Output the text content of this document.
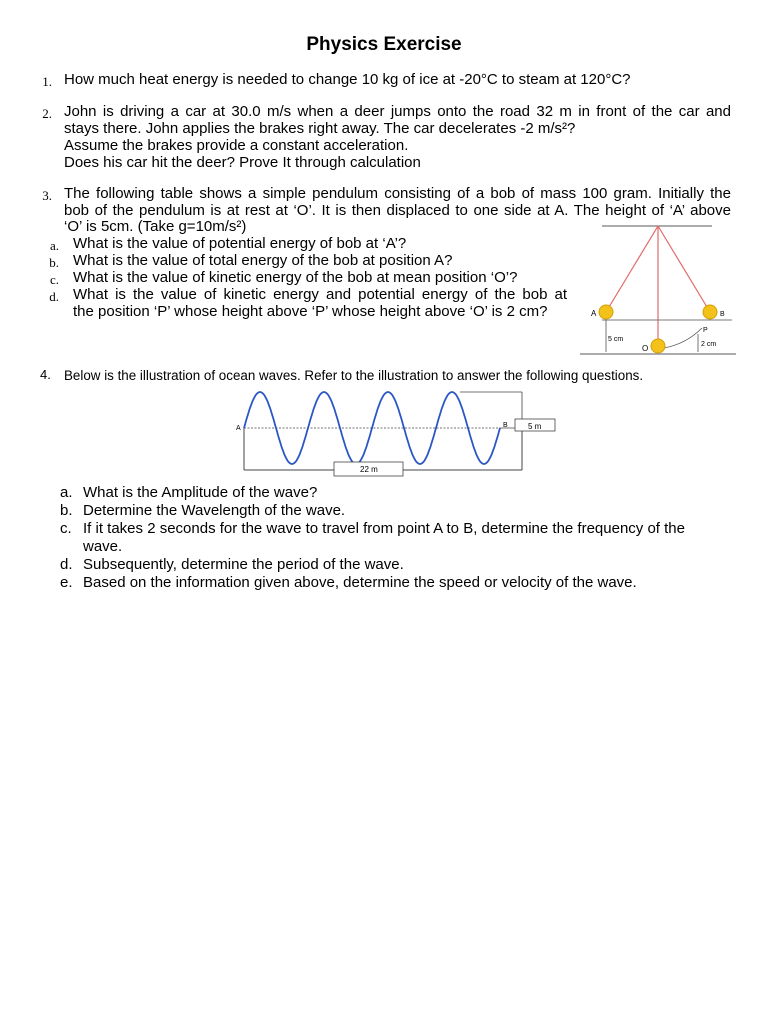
Physics Exercise
1. How much heat energy is needed to change 10 kg of ice at -20°C to steam at 120°C?
2. John is driving a car at 30.0 m/s when a deer jumps onto the road 32 m in front of the car and
stays there. John applies the brakes right away. The car decelerates -2 m/s²?
Assume the brakes provide a constant acceleration.
Does his car hit the deer? Prove It through calculation
3. The following table shows a simple pendulum consisting of a bob of mass 100 gram. Initially the
bob of the pendulum is at rest at ‘O’. It is then displaced to one side at A. The height of ‘A’ above
‘O’ is 5cm. (Take g=10m/s²)
a. What is the value of potential energy of bob at ‘A’?
b. What is the value of total energy of the bob at position A?
c. What is the value of kinetic energy of the bob at mean position ‘O’?
d. What is the value of kinetic energy and potential energy of the bob at
the position ‘P’ whose height above ‘P’ whose height above ‘O’ is 2 cm?	A	B
O
P
5 cm
2 cm
4. Below is the illustration of ocean waves. Refer to the illustration to answer the following questions.
A	B	5 m
22 m
a. What is the Amplitude of the wave?
b. Determine the Wavelength of the wave.
c. If it takes 2 seconds for the wave to travel from point A to B, determine the frequency of the
wave.
d. Subsequently, determine the period of the wave.
e. Based on the information given above, determine the speed or velocity of the wave.
